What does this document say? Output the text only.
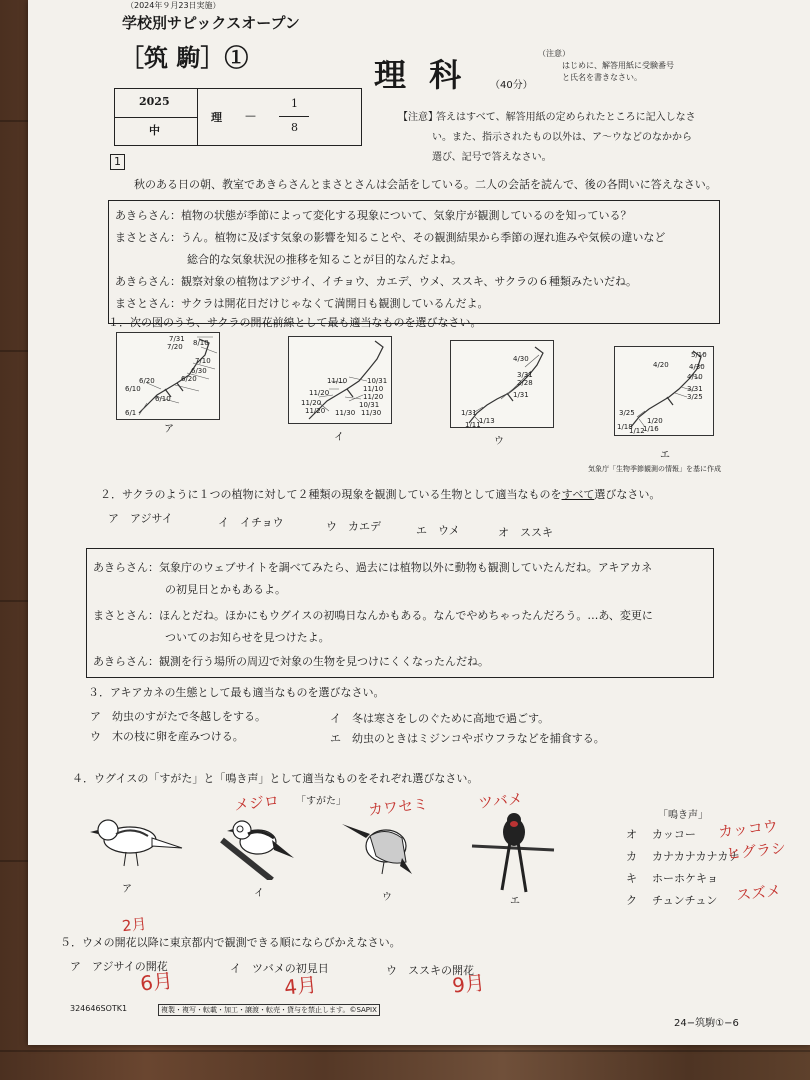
（2024年９月23日実施）
学校別サピックスオープン
［筑 駒］①	理 科 （40分）
（注意）
はじめに、解答用紙に受験番号
と氏名を書きなさい。
2025
中
理 —
1
8
【注意】
答えはすべて、解答用紙の定められたところに記入しなさ
い。また、指示されたもの以外は、ア～ウなどのなかから
選び、記号で答えなさい。
1
秋のある日の朝、教室であきらさんとまさとさんは会話をしている。二人の会話を読んで、後の各問いに答えなさい。
あきらさん：植物の状態が季節によって変化する現象について、気象庁が観測しているのを知っている？
まさとさん：うん。植物に及ぼす気象の影響を知ることや、その観測結果から季節の遅れ進みや気候の違いなど
総合的な気象状況の推移を知ることが目的なんだよね。
あきらさん：観察対象の植物はアジサイ、イチョウ、カエデ、ウメ、ススキ、サクラの６種類みたいだね。
まさとさん：サクラは開花日だけじゃなくて満開日も観測しているんだよ。
１．次の図のうち、サクラの開花前線として最も適当なものを選びなさい。
7/31 8/10
7/20
7/10
6/30
6/20	6/20
6/10
6/10
6/1
ア
11/10	10/31
11/10
11/20	11/20
11/20
11/30
10/31
11/20	11/30
イ
4/30
3/31
2/28
1/31
1/31
1/13
1/11
ウ
5/10
4/30
4/20
4/10
3/31
3/25
3/25
1/20
1/18 1/16
1/12
エ
気象庁「生物季節観測の情報」を基に作成
２．サクラのように１つの植物に対して２種類の現象を観測している生物として適当なものをすべて選びなさい。
ア　アジサイ	イ　イチョウ	ウ　カエデ	エ　ウメ	オ　ススキ
あきらさん：気象庁のウェブサイトを調べてみたら、過去には植物以外に動物も観測していたんだね。アキアカネ
の初見日とかもあるよ。
まさとさん：ほんとだね。ほかにもウグイスの初鳴日なんかもある。なんでやめちゃったんだろう。…あ、変更に
ついてのお知らせを見つけたよ。
あきらさん：観測を行う場所の周辺で対象の生物を見つけにくくなったんだね。
３．アキアカネの生態として最も適当なものを選びなさい。
ア　幼虫のすがたで冬越しをする。	イ　冬は寒さをしのぐために高地で過ごす。
ウ　木の枝に卵を産みつける。	エ　幼虫のときはミジンコやボウフラなどを捕食する。
４．ウグイスの「すがた」と「鳴き声」として適当なものをそれぞれ選びなさい。
「すがた」
ア	イ	ウ	エ
「鳴き声」
オ カッコー
カ カナカナカナカナ
キ ホーホケキョ
ク チュンチュン
５．ウメの開花以降に東京都内で観測できる順にならびかえなさい。
ア　アジサイの開花	イ　ツバメの初見日	ウ　ススキの開花
メジロ	カワセミ	ツバメ
カッコウ
ヒグラシ
スズメ
2月
6月	4月	9月
324646SOTK1	複製・複写・転載・加工・譲渡・転売・貸与を禁止します。©SAPIX
24−筑駒①−6
